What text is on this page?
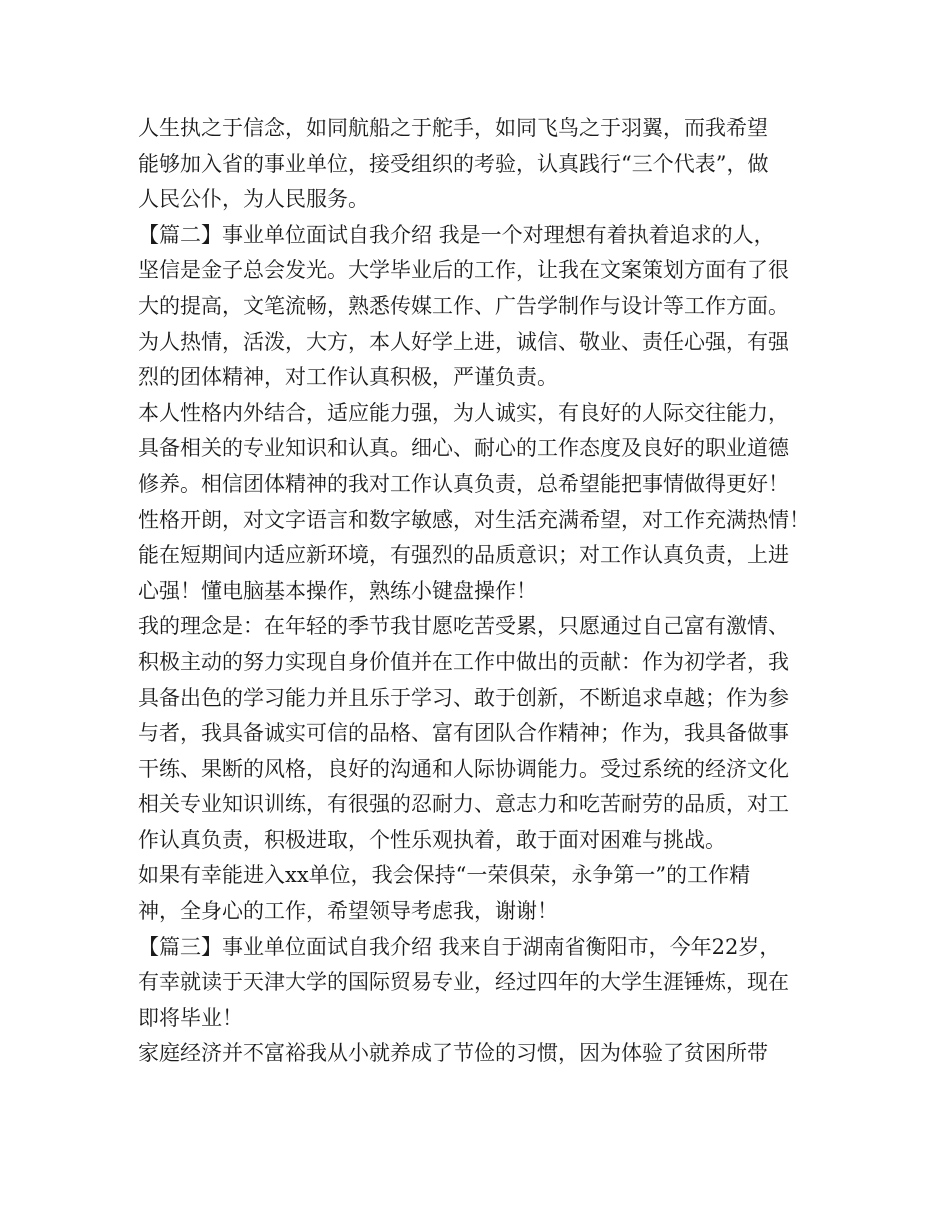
人生执之于信念，如同航船之于舵手，如同飞鸟之于羽翼，而我希望
能够加入省的事业单位，接受组织的考验，认真践行“三个代表”，做
人民公仆，为人民服务。
【篇二】事业单位面试自我介绍 我是一个对理想有着执着追求的人，
坚信是金子总会发光。大学毕业后的工作，让我在文案策划方面有了很
大的提高，文笔流畅，熟悉传媒工作、广告学制作与设计等工作方面。
为人热情，活泼，大方，本人好学上进，诚信、敬业、责任心强，有强
烈的团体精神，对工作认真积极，严谨负责。
本人性格内外结合，适应能力强，为人诚实，有良好的人际交往能力，
具备相关的专业知识和认真。细心、耐心的工作态度及良好的职业道德
修养。相信团体精神的我对工作认真负责，总希望能把事情做得更好！
性格开朗，对文字语言和数字敏感，对生活充满希望，对工作充满热情！
能在短期间内适应新环境，有强烈的品质意识；对工作认真负责，上进
心强！懂电脑基本操作，熟练小键盘操作！
我的理念是：在年轻的季节我甘愿吃苦受累，只愿通过自己富有激情、
积极主动的努力实现自身价值并在工作中做出的贡献：作为初学者，我
具备出色的学习能力并且乐于学习、敢于创新，不断追求卓越；作为参
与者，我具备诚实可信的品格、富有团队合作精神；作为，我具备做事
干练、果断的风格，良好的沟通和人际协调能力。受过系统的经济文化
相关专业知识训练，有很强的忍耐力、意志力和吃苦耐劳的品质，对工
作认真负责，积极进取，个性乐观执着，敢于面对困难与挑战。
如果有幸能进入xx单位，我会保持“一荣俱荣，永争第一”的工作精
神，全身心的工作，希望领导考虑我，谢谢！
【篇三】事业单位面试自我介绍 我来自于湖南省衡阳市，今年22岁，
有幸就读于天津大学的国际贸易专业，经过四年的大学生涯锤炼，现在
即将毕业！
家庭经济并不富裕我从小就养成了节俭的习惯，因为体验了贫困所带
